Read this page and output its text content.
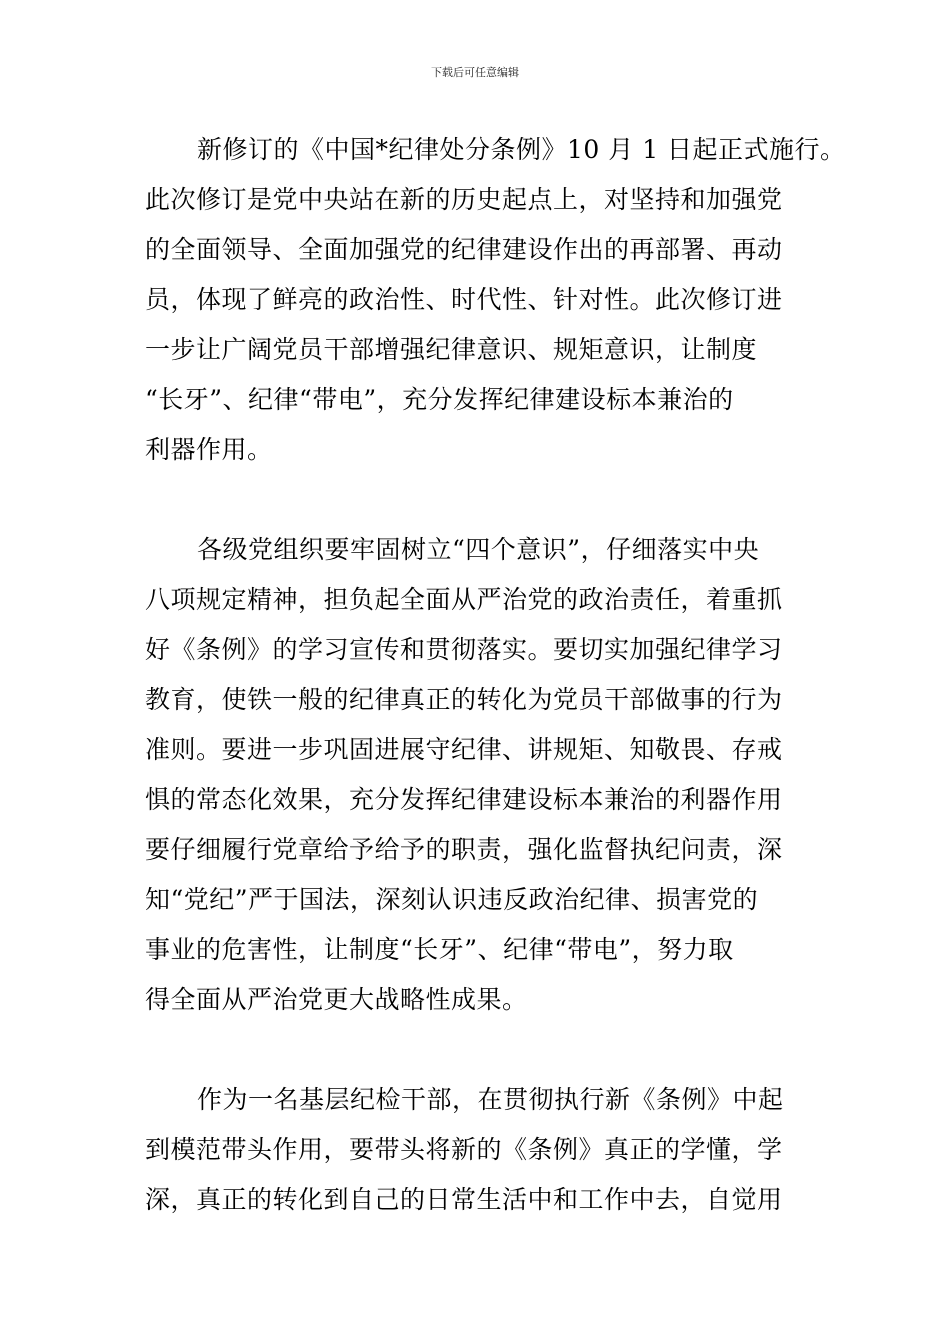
下载后可任意编辑
新修订的《中国*纪律处分条例》10 月 1 日起正式施行。
此次修订是党中央站在新的历史起点上，对坚持和加强党
的全面领导、全面加强党的纪律建设作出的再部署、再动
员，体现了鲜亮的政治性、时代性、针对性。此次修订进
一步让广阔党员干部增强纪律意识、规矩意识，让制度
“长牙”、纪律“带电”，充分发挥纪律建设标本兼治的
利器作用。
各级党组织要牢固树立“四个意识”，仔细落实中央
八项规定精神，担负起全面从严治党的政治责任，着重抓
好《条例》的学习宣传和贯彻落实。要切实加强纪律学习
教育，使铁一般的纪律真正的转化为党员干部做事的行为
准则。要进一步巩固进展守纪律、讲规矩、知敬畏、存戒
惧的常态化效果，充分发挥纪律建设标本兼治的利器作用
要仔细履行党章给予给予的职责，强化监督执纪问责，深
知“党纪”严于国法，深刻认识违反政治纪律、损害党的
事业的危害性，让制度“长牙”、纪律“带电”，努力取
得全面从严治党更大战略性成果。
作为一名基层纪检干部，在贯彻执行新《条例》中起
到模范带头作用，要带头将新的《条例》真正的学懂，学
深，真正的转化到自己的日常生活中和工作中去，自觉用
